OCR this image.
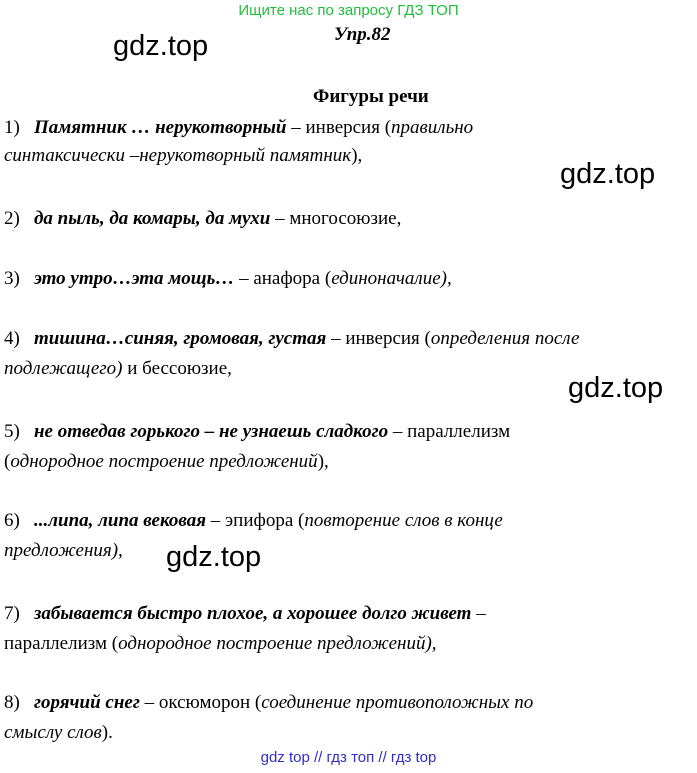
Ищите нас по запросу ГДЗ ТОП
gdz.top
gdz.top
gdz.top
gdz.top
Упр.82
Фигуры речи
1) Памятник … нерукотворный – инверсия (правильно
синтаксически –нерукотворный памятник),
2) да пыль, да комары, да мухи – многосоюзие,
3) это утро…эта мощь… – анафора (единоначалие),
4) тишина…синяя, громовая, густая – инверсия (определения после
подлежащего) и бессоюзие,
5) не отведав горького – не узнаешь сладкого – параллелизм
(однородное построение предложений),
6) ...липа, липа вековая – эпифора (повторение слов в конце
предложения),
7) забывается быстро плохое, а хорошее долго живет –
параллелизм (однородное построение предложений),
8) горячий снег – оксюморон (соединение противоположных по
смыслу слов).
gdz top // гдз топ // гдз top
